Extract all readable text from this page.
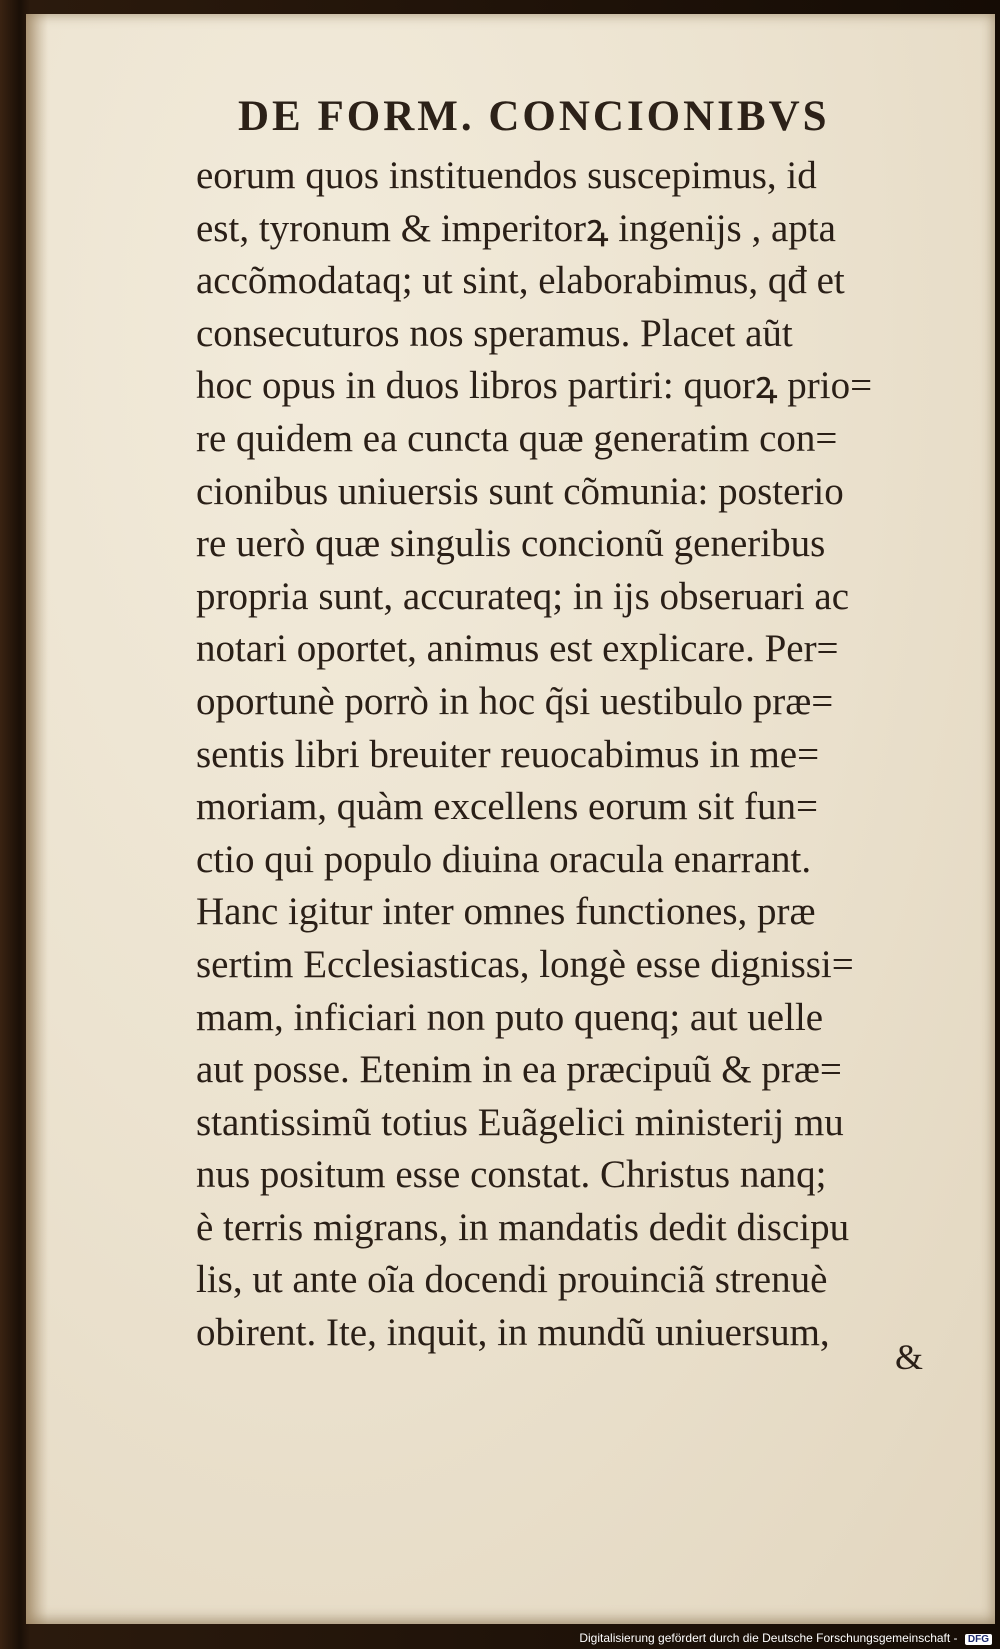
DE FORM. CONCIONIBVS
eorum quos instituendos suscepimus, id
est, tyronum & imperitorꝝ ingeniјs , apta
accõmodataq; ut sint, elaborabimus, qđ et
consecuturos nos speramus. Placet aũt
hoc opus in duos libros partiri: quorꝝ prio=
re quidem ea cuncta quæ generatim con=
cionibus uniuersis sunt cõmunia: posterio
re uerò quæ singulis concionũ generibus
propria sunt, accurateq; in ijs obseruari ac
notari oportet, animus est explicare. Per=
oportunè porrò in hoc q̃si uestibulo præ=
sentis libri breuiter reuocabimus in me=
moriam, quàm excellens eorum sit fun=
ctio qui populo diuina oracula enarrant.
Hanc igitur inter omnes functiones, præ
sertim Ecclesiasticas, longè esse dignissi=
mam, inficiari non puto quenq; aut uelle
aut posse. Etenim in ea præcipuũ & præ=
stantissimũ totius Euãgelici ministerij mu
nus positum esse constat. Christus nanq;
è terris migrans, in mandatis dedit discipu
lis, ut ante oĩa docendi prouinciã strenuè
obirent. Ite, inquit, in mundũ uniuersum,
&
Digitalisierung gefördert durch die Deutsche Forschungsgemeinschaft - DFG
